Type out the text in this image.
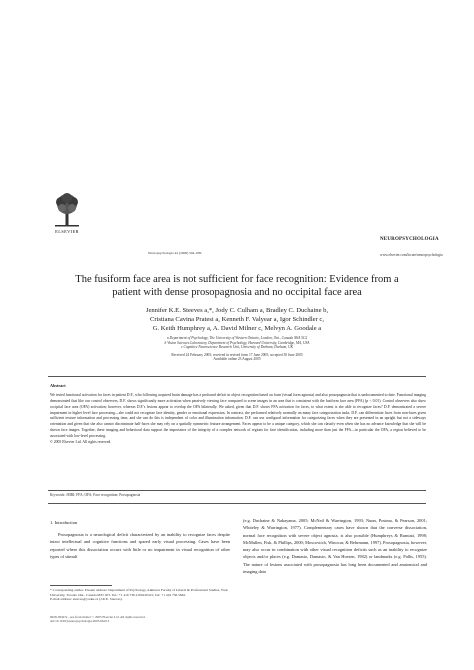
ELSEVIER
Neuropsychologia 44 (2006) 594–609
NEUROPSYCHOLOGIA
www.elsevier.com/locate/neuropsychologia
The fusiform face area is not sufficient for face recognition: Evidence from a patient with dense prosopagnosia and no occipital face area
Jennifer K.E. Steeves a,*, Jody C. Culham a, Bradley C. Duchaine b,
Cristiana Cavina Pratesi a, Kenneth F. Valyear a, Igor Schindler c,
G. Keith Humphrey a, A. David Milner c, Melvyn A. Goodale a
a Department of Psychology, The University of Western Ontario, London, Ont., Canada N6A 5C2
b Vision Sciences Laboratory, Department of Psychology, Harvard University, Cambridge, MA, USA
c Cognitive Neuroscience Research Unit, University of Durham, Durham, UK
Received 24 February 2005; received in revised form 17 June 2005; accepted 30 June 2005
Available online 23 August 2005
Abstract
We tested functional activation for faces in patient D.F., who following acquired brain damage has a profound deficit in object recognition based on form (visual form agnosia) and also prosopagnosia that is undocumented to date. Functional imaging demonstrated that like our control observers, D.F. shows significantly more activation when passively viewing face compared to scene images in an area that is consistent with the fusiform face area (FFA) (p < 0.01). Control observers also show occipital face area (OFA) activation; however, whereas D.F.'s lesions appear to overlap the OFA bilaterally. We asked, given that D.F. shows FFA activation for faces, to what extent is she able to recognize faces? D.F. demonstrated a severe impairment in higher level face processing—she could not recognize face identity, gender or emotional expression. In contrast, she performed relatively normally on many face categorization tasks. D.F. can differentiate faces from non-faces given sufficient texture information and processing time, and she can do this is independent of color and illumination information. D.F. can use configural information for categorizing faces when they are presented in an upright but not a sideways orientation and given that she also cannot discriminate half-faces she may rely on a spatially symmetric feature arrangement. Faces appear to be a unique category, which she can classify even when she has no advance knowledge that she will be shown face images. Together, these imaging and behavioral data support the importance of the integrity of a complex network of regions for face identification, including more than just the FFA—in particular the OFA, a region believed to be associated with low-level processing.
© 2005 Elsevier Ltd. All rights reserved.
Keywords: fMRI; FFA; OFA; Face recognition; Prosopagnosia
1. Introduction
Prosopagnosia is a neurological deficit characterized by an inability to recognize faces despite intact intellectual and cognitive functions and spared early visual processing. Cases have been reported where this dissociation occurs with little or no impairment in visual recognition of other types of stimuli
(e.g. Duchaine & Nakayama, 2005; McNeil & Warrington, 1993; Nunn, Postma, & Pearson, 2001; Whiteley & Warrington, 1977). Complementary cases have shown that the converse dissociation, normal face recognition with severe object agnosia, is also possible (Humphreys & Rumiati, 1998; McMullen, Fisk, & Phillips, 2000; Moscovitch, Winocur, & Behrmann, 1997). Prosopagnosia, however, may also occur in combination with other visual recognition deficits such as an inability to recognize objects and/or places (e.g. Damasio, Damasio, & Van Hoesen, 1982) or landmarks (e.g. Pallis, 1955). The nature of lesions associated with prosopagnosia has long been documented and anatomical and imaging data
* Corresponding author. Present address: Department of Psychology, Atkinson Faculty of Liberal & Professional Studies, York University, Toronto Ont., Canada M3J 1P3. Tel.: +1 416 736 2100x20415; fax: +1 416 736 5662.
E-mail address: steeves@yorku.ca (J.K.E. Steeves).
0028-3932/$ – see front matter © 2005 Elsevier Ltd. All rights reserved.
doi:10.1016/j.neuropsychologia.2005.06.013
